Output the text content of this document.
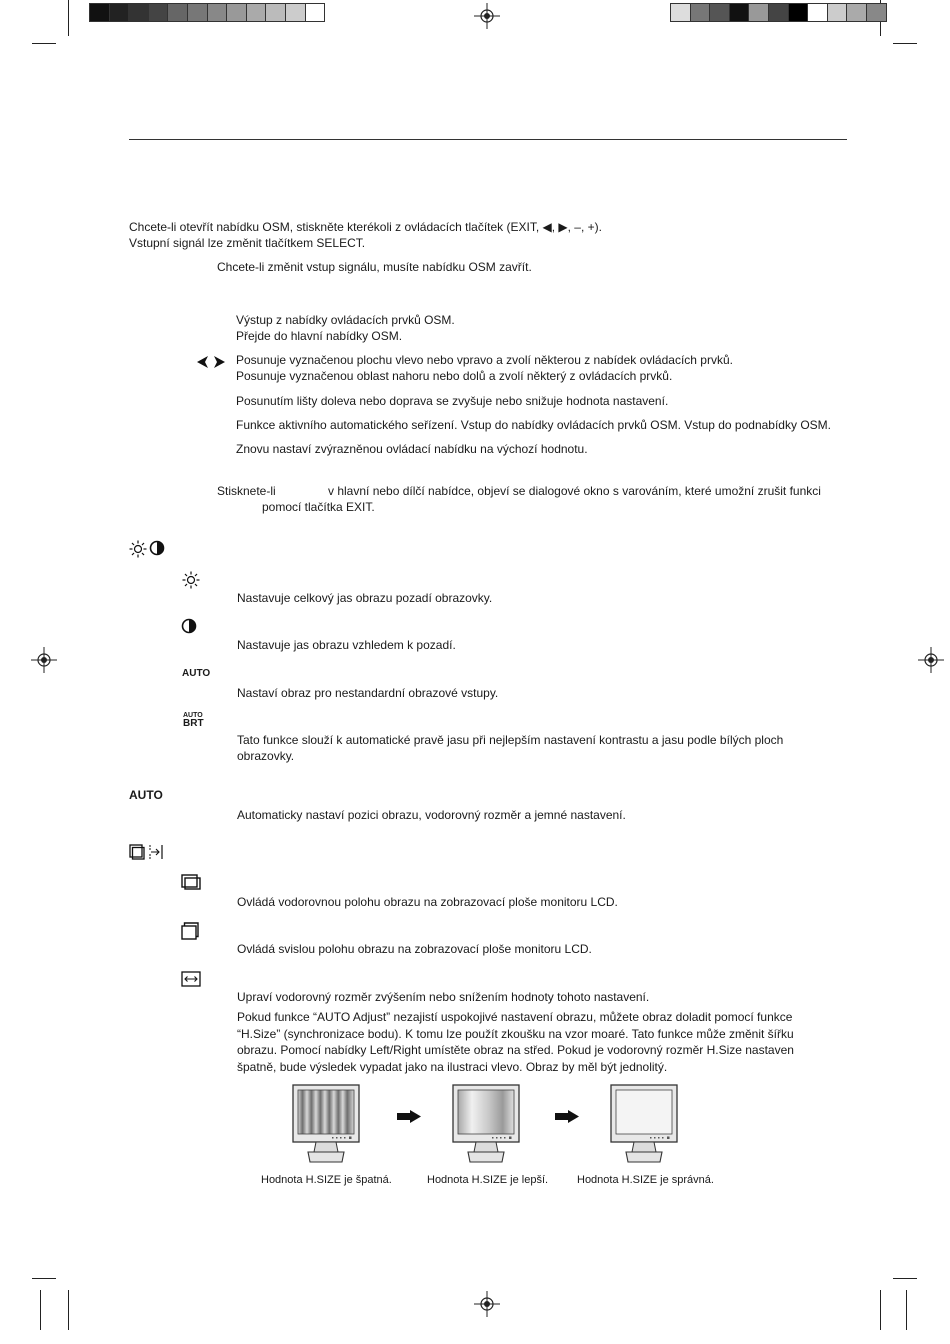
Chcete-li otevřít nabídku OSM, stiskněte kterékoli z ovládacích tlačítek (EXIT, ◀, ▶, –, +).
Vstupní signál lze změnit tlačítkem SELECT.
Chcete-li změnit vstup signálu, musíte nabídku OSM zavřít.
Výstup z nabídky ovládacích prvků OSM.
Přejde do hlavní nabídky OSM.
Posunuje vyznačenou plochu vlevo nebo vpravo a zvolí některou z nabídek ovládacích prvků.
Posunuje vyznačenou oblast nahoru nebo dolů a zvolí některý z ovládacích prvků.
Posunutím lišty doleva nebo doprava se zvyšuje nebo snižuje hodnota nastavení.
Funkce aktivního automatického seřízení. Vstup do nabídky ovládacích prvků OSM. Vstup do podnabídky OSM.
Znovu nastaví zvýrazněnou ovládací nabídku na výchozí hodnotu.
Stisknete-li	v hlavní nebo dílčí nabídce, objeví se dialogové okno s varováním, které umožní zrušit funkci
pomocí tlačítka EXIT.
Nastavuje celkový jas obrazu pozadí obrazovky.
Nastavuje jas obrazu vzhledem k pozadí.
AUTO
Nastaví obraz pro nestandardní obrazové vstupy.
AUTO
BRT
Tato funkce slouží k automatické pravě jasu při nejlepším nastavení kontrastu a jasu podle bílých ploch obrazovky.
AUTO
Automaticky nastaví pozici obrazu, vodorovný rozměr a jemné nastavení.
Ovládá vodorovnou polohu obrazu na zobrazovací ploše monitoru LCD.
Ovládá svislou polohu obrazu na zobrazovací ploše monitoru LCD.
Upraví vodorovný rozměr zvýšením nebo snížením hodnoty tohoto nastavení.
Pokud funkce “AUTO Adjust” nezajistí uspokojivé nastavení obrazu, můžete obraz doladit pomocí funkce “H.Size” (synchronizace bodu). K tomu lze použít zkoušku na vzor moaré. Tato funkce může změnit šířku obrazu. Pomocí nabídky Left/Right umístěte obraz na střed. Pokud je vodorovný rozměr H.Size nastaven špatně, bude výsledek vypadat jako na ilustraci vlevo. Obraz by měl být jednolitý.
Hodnota H.SIZE je špatná.	Hodnota H.SIZE je lepší.	Hodnota H.SIZE je správná.
